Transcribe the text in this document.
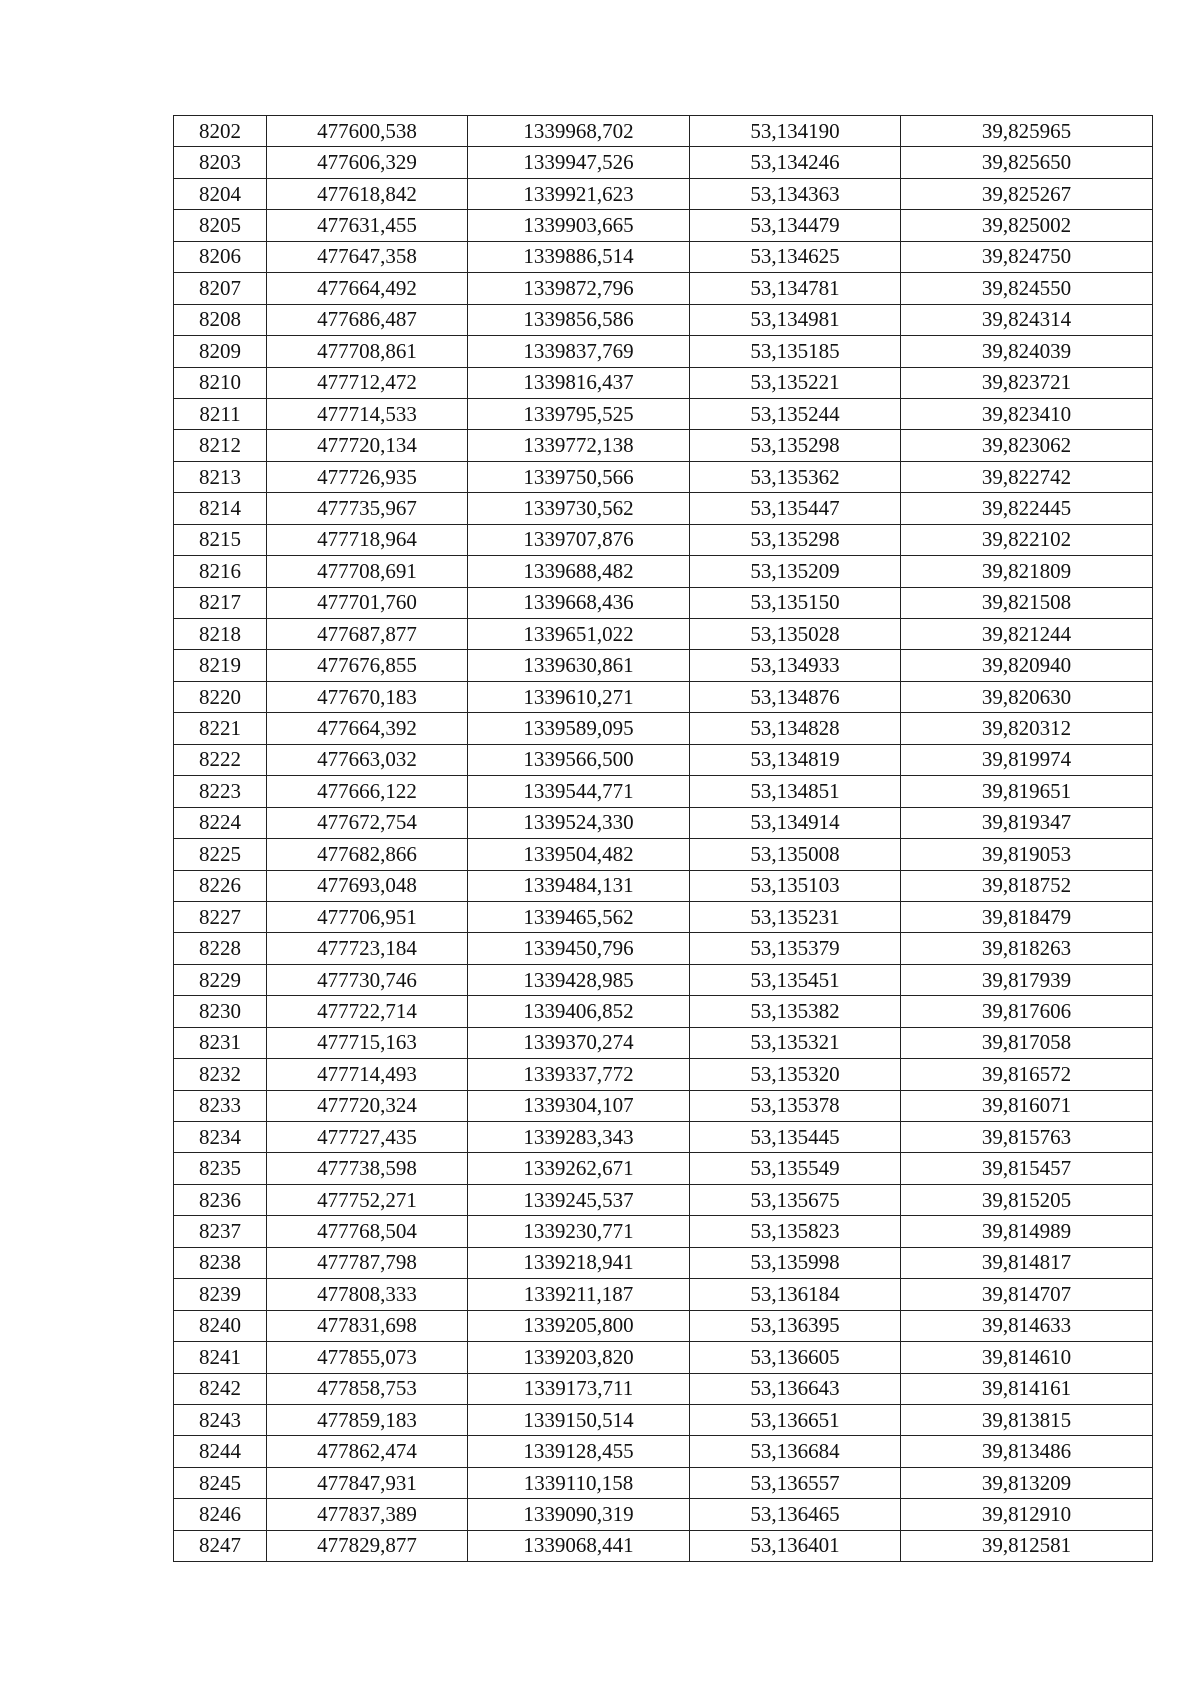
8202	477600,538	1339968,702	53,134190	39,825965
8203	477606,329	1339947,526	53,134246	39,825650
8204	477618,842	1339921,623	53,134363	39,825267
8205	477631,455	1339903,665	53,134479	39,825002
8206	477647,358	1339886,514	53,134625	39,824750
8207	477664,492	1339872,796	53,134781	39,824550
8208	477686,487	1339856,586	53,134981	39,824314
8209	477708,861	1339837,769	53,135185	39,824039
8210	477712,472	1339816,437	53,135221	39,823721
8211	477714,533	1339795,525	53,135244	39,823410
8212	477720,134	1339772,138	53,135298	39,823062
8213	477726,935	1339750,566	53,135362	39,822742
8214	477735,967	1339730,562	53,135447	39,822445
8215	477718,964	1339707,876	53,135298	39,822102
8216	477708,691	1339688,482	53,135209	39,821809
8217	477701,760	1339668,436	53,135150	39,821508
8218	477687,877	1339651,022	53,135028	39,821244
8219	477676,855	1339630,861	53,134933	39,820940
8220	477670,183	1339610,271	53,134876	39,820630
8221	477664,392	1339589,095	53,134828	39,820312
8222	477663,032	1339566,500	53,134819	39,819974
8223	477666,122	1339544,771	53,134851	39,819651
8224	477672,754	1339524,330	53,134914	39,819347
8225	477682,866	1339504,482	53,135008	39,819053
8226	477693,048	1339484,131	53,135103	39,818752
8227	477706,951	1339465,562	53,135231	39,818479
8228	477723,184	1339450,796	53,135379	39,818263
8229	477730,746	1339428,985	53,135451	39,817939
8230	477722,714	1339406,852	53,135382	39,817606
8231	477715,163	1339370,274	53,135321	39,817058
8232	477714,493	1339337,772	53,135320	39,816572
8233	477720,324	1339304,107	53,135378	39,816071
8234	477727,435	1339283,343	53,135445	39,815763
8235	477738,598	1339262,671	53,135549	39,815457
8236	477752,271	1339245,537	53,135675	39,815205
8237	477768,504	1339230,771	53,135823	39,814989
8238	477787,798	1339218,941	53,135998	39,814817
8239	477808,333	1339211,187	53,136184	39,814707
8240	477831,698	1339205,800	53,136395	39,814633
8241	477855,073	1339203,820	53,136605	39,814610
8242	477858,753	1339173,711	53,136643	39,814161
8243	477859,183	1339150,514	53,136651	39,813815
8244	477862,474	1339128,455	53,136684	39,813486
8245	477847,931	1339110,158	53,136557	39,813209
8246	477837,389	1339090,319	53,136465	39,812910
8247	477829,877	1339068,441	53,136401	39,812581
